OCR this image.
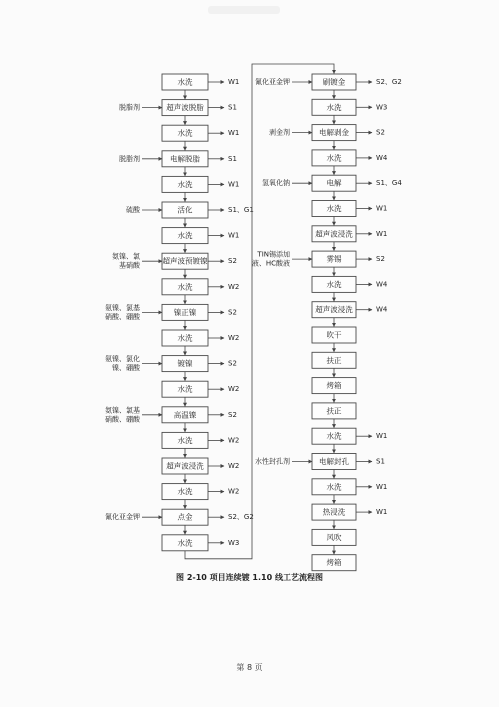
水洗	W1
超声波脱脂	S1
脱脂剂
水洗	W1
电解脱脂	S1
脱脂剂
水洗	W1
活化	S1、G1
硫酸
水洗	W1
超声波预镀镍	S2
氨镍、氯基硝酸
水洗	W2
镍正镍	S2
氨镍、氯基硝酸、硼酸
水洗	W2
镀镍	S2
氨镍、氯化镍、硼酸
水洗	W2
高温镍	S2
氨镍、氯基硝酸、硼酸
水洗	W2
超声波浸洗	W2
水洗	W2
点金	S2、G2
氰化亚金钾
水洗	W3
刷镀金	S2、G2
氰化亚金钾
水洗	W3
电解剥金	S2
剥金剂
水洗	W4
电解	S1、G4
氢氧化钠
水洗	W1
超声波浸洗	W1
雾锡	S2
TIN锡添加液、HC酸液
水洗	W4
超声波浸洗	W4
吹干
扶正
烤箱
扶正
水洗	W1
电解封孔	S1
水性封孔剂
水洗	W1
热浸洗	W1
风吹
烤箱
图 2-10 项目连续镀 1.10 线工艺流程图
第 8 页
